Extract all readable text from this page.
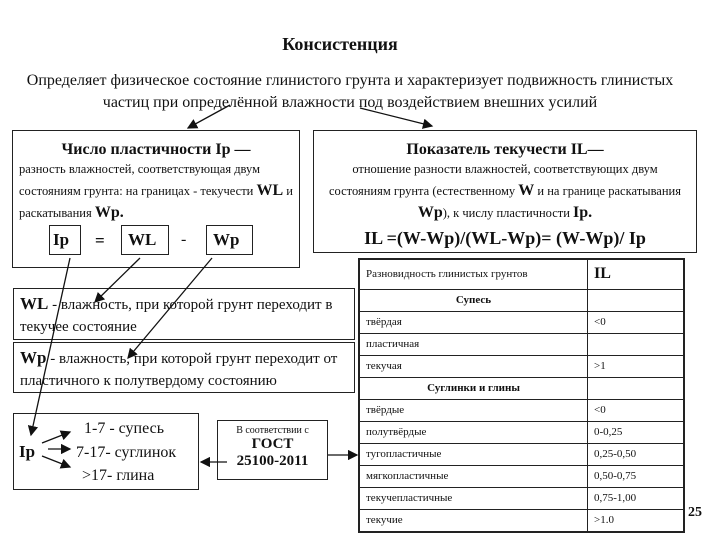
Консистенция
Определяет физическое состояние глинистого грунта и характеризует подвижность глинистых частиц при определённой влажности под воздействием внешних усилий
Число пластичности Iр —
разность влажностей, соответствующая двум состояниям грунта: на границах - текучести WL и раскатывания Wр.
Iр	=	WL	-	Wр
Показатель текучести IL—
отношение разности влажностей, соответствующих двум состояниям грунта (естественному W и на границе раскатывания Wр), к числу пластичности Iр.
IL =(W-Wр)/(WL-Wр)= (W-Wр)/ Iр
WL - влажность, при которой грунт переходит в текучее состояние
Wр - влажность, при которой грунт переходит от пластичного к полутвердому состоянию
Iр
1-7 - супесь
7-17- суглинок
>17- глина
В соответствии с
ГОСТ
25100-2011
Разновидность глинистых грунтов	IL
Супесь	
твёрдая	<0
пластичная	
текучая	>1
Суглинки и глины	
твёрдые	<0
полутвёрдые	0-0,25
тугопластичные	0,25-0,50
мягкопластичные	0,50-0,75
текучепластичные	0,75-1,00
текучие	>1.0	25
